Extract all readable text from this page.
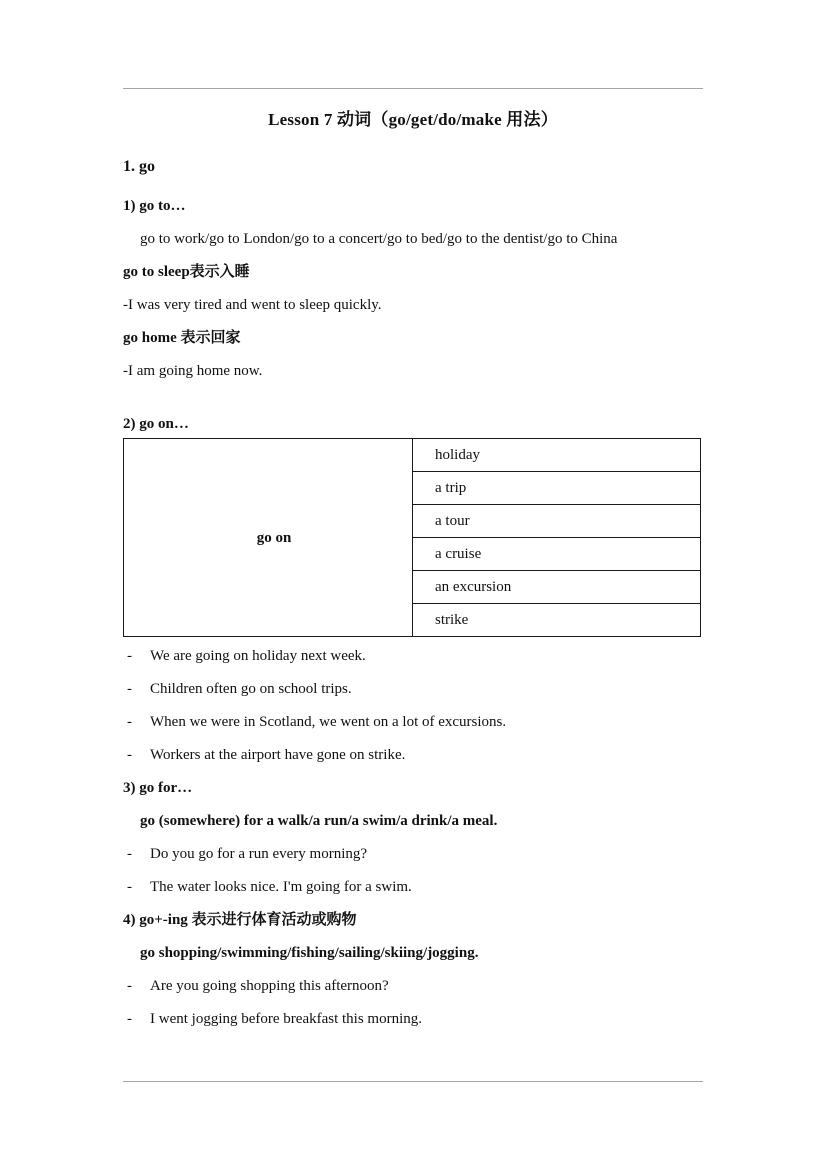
Lesson 7 动词（go/get/do/make 用法）
1. go

1) go to…

go to work/go to London/go to a concert/go to bed/go to the dentist/go to China

go to sleep表示入睡

-I was very tired and went to sleep quickly.

go home 表示回家

-I am going home now.

2) go on…

go on	holiday
a trip
a tour
a cruise
an excursion
strike
-	We are going on holiday next week.
-	Children often go on school trips.
-	When we were in Scotland, we went on a lot of excursions.
-	Workers at the airport have gone on strike.

3) go for…

go (somewhere) for a walk/a run/a swim/a drink/a meal.

-	Do you go for a run every morning?
-	The water looks nice. I'm going for a swim.

4) go+-ing 表示进行体育活动或购物

go shopping/swimming/fishing/sailing/skiing/jogging.

-	Are you going shopping this afternoon?
-	I went jogging before breakfast this morning.
